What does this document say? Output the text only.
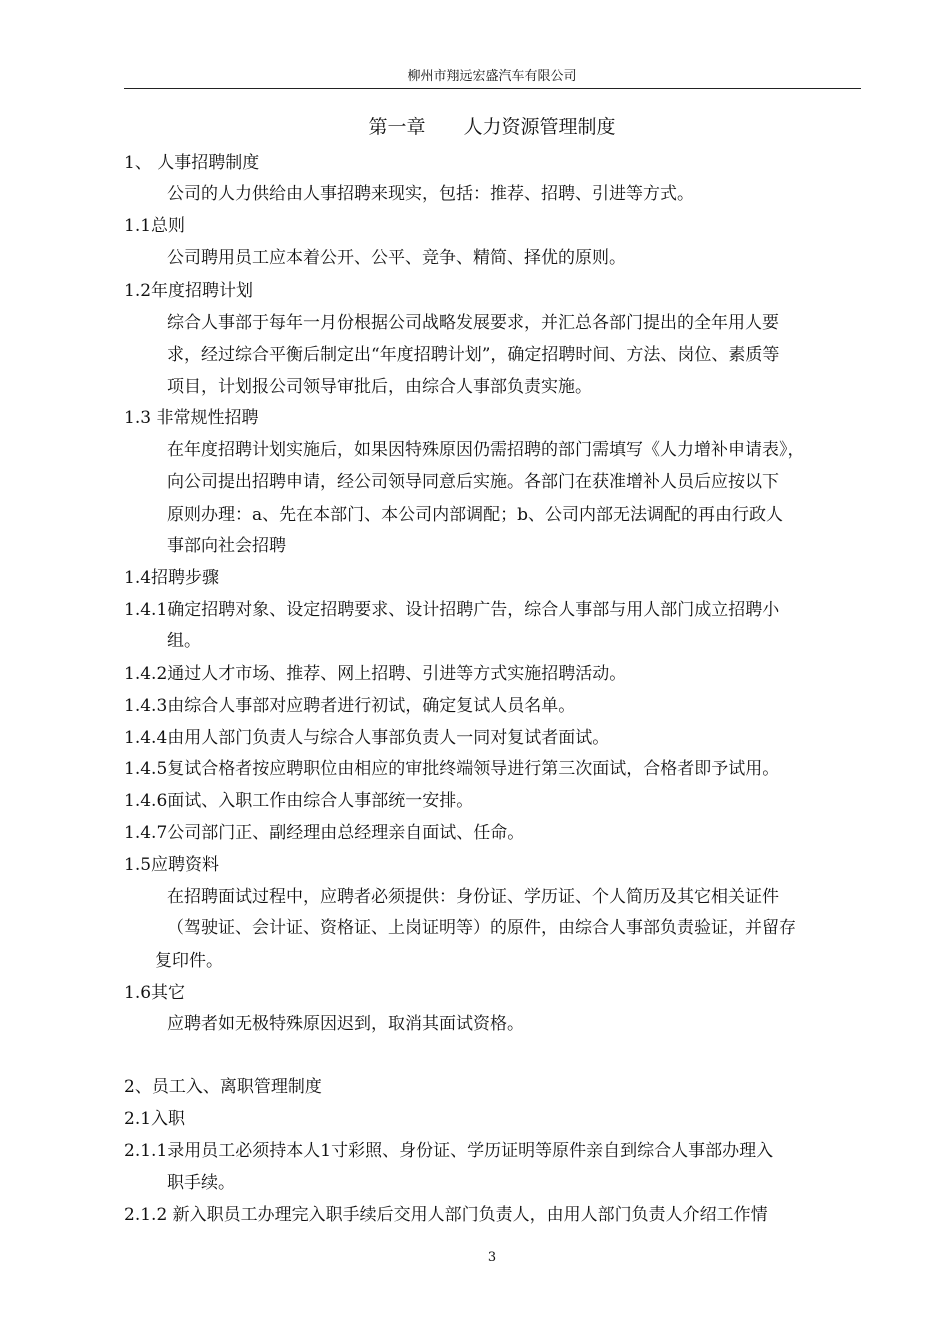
柳州市翔远宏盛汽车有限公司
第一章　　人力资源管理制度
1、 人事招聘制度
公司的人力供给由人事招聘来现实，包括：推荐、招聘、引进等方式。
1.1总则
公司聘用员工应本着公开、公平、竞争、精简、择优的原则。
1.2年度招聘计划
综合人事部于每年一月份根据公司战略发展要求，并汇总各部门提出的全年用人要
求，经过综合平衡后制定出“年度招聘计划”，确定招聘时间、方法、岗位、素质等
项目，计划报公司领导审批后，由综合人事部负责实施。
1.3 非常规性招聘
在年度招聘计划实施后，如果因特殊原因仍需招聘的部门需填写《人力增补申请表》，
向公司提出招聘申请，经公司领导同意后实施。各部门在获准增补人员后应按以下
原则办理：a、先在本部门、本公司内部调配；b、公司内部无法调配的再由行政人
事部向社会招聘
1.4招聘步骤
1.4.1确定招聘对象、设定招聘要求、设计招聘广告，综合人事部与用人部门成立招聘小
组。
1.4.2通过人才市场、推荐、网上招聘、引进等方式实施招聘活动。
1.4.3由综合人事部对应聘者进行初试，确定复试人员名单。
1.4.4由用人部门负责人与综合人事部负责人一同对复试者面试。
1.4.5复试合格者按应聘职位由相应的审批终端领导进行第三次面试，合格者即予试用。
1.4.6面试、入职工作由综合人事部统一安排。
1.4.7公司部门正、副经理由总经理亲自面试、任命。
1.5应聘资料
在招聘面试过程中，应聘者必须提供：身份证、学历证、个人简历及其它相关证件
（驾驶证、会计证、资格证、上岗证明等）的原件，由综合人事部负责验证，并留存
复印件。
1.6其它
应聘者如无极特殊原因迟到，取消其面试资格。
2、员工入、离职管理制度
2.1入职
2.1.1录用员工必须持本人1寸彩照、身份证、学历证明等原件亲自到综合人事部办理入
职手续。
2.1.2 新入职员工办理完入职手续后交用人部门负责人，由用人部门负责人介绍工作情
3
